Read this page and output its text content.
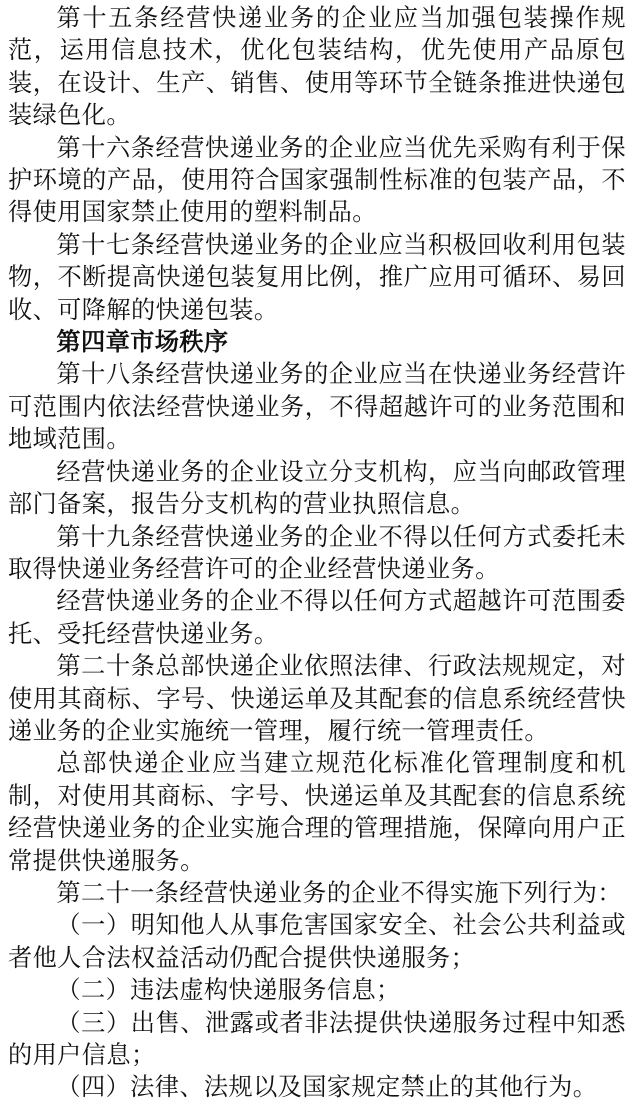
第十五条经营快递业务的企业应当加强包装操作规范，运用信息技术，优化包装结构，优先使用产品原包装，在设计、生产、销售、使用等环节全链条推进快递包装绿色化。

第十六条经营快递业务的企业应当优先采购有利于保护环境的产品，使用符合国家强制性标准的包装产品，不得使用国家禁止使用的塑料制品。

第十七条经营快递业务的企业应当积极回收利用包装物，不断提高快递包装复用比例，推广应用可循环、易回收、可降解的快递包装。

第四章市场秩序

第十八条经营快递业务的企业应当在快递业务经营许可范围内依法经营快递业务，不得超越许可的业务范围和地域范围。

经营快递业务的企业设立分支机构，应当向邮政管理部门备案，报告分支机构的营业执照信息。

第十九条经营快递业务的企业不得以任何方式委托未取得快递业务经营许可的企业经营快递业务。

经营快递业务的企业不得以任何方式超越许可范围委托、受托经营快递业务。

第二十条总部快递企业依照法律、行政法规规定，对使用其商标、字号、快递运单及其配套的信息系统经营快递业务的企业实施统一管理，履行统一管理责任。

总部快递企业应当建立规范化标准化管理制度和机制，对使用其商标、字号、快递运单及其配套的信息系统经营快递业务的企业实施合理的管理措施，保障向用户正常提供快递服务。

第二十一条经营快递业务的企业不得实施下列行为：

（一）明知他人从事危害国家安全、社会公共利益或者他人合法权益活动仍配合提供快递服务；

（二）违法虚构快递服务信息；

（三）出售、泄露或者非法提供快递服务过程中知悉的用户信息；

（四）法律、法规以及国家规定禁止的其他行为。
